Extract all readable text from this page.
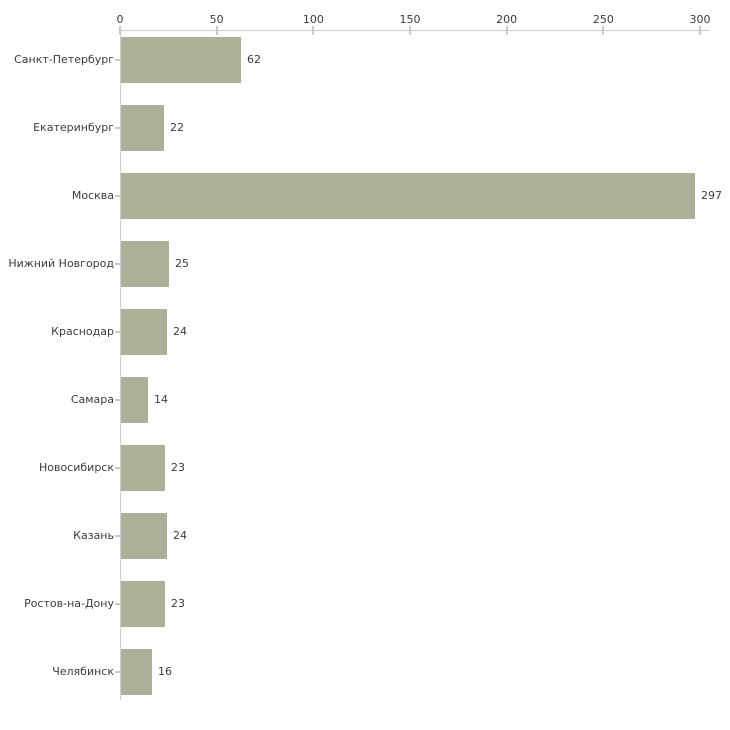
0	50	100	150	200	250	300
Санкт-Петербург	62
Екатеринбург	22
Москва	297
Нижний Новгород	25
Краснодар	24
Самара	14
Новосибирск	23
Казань	24
Ростов-на-Дону	23
Челябинск	16
